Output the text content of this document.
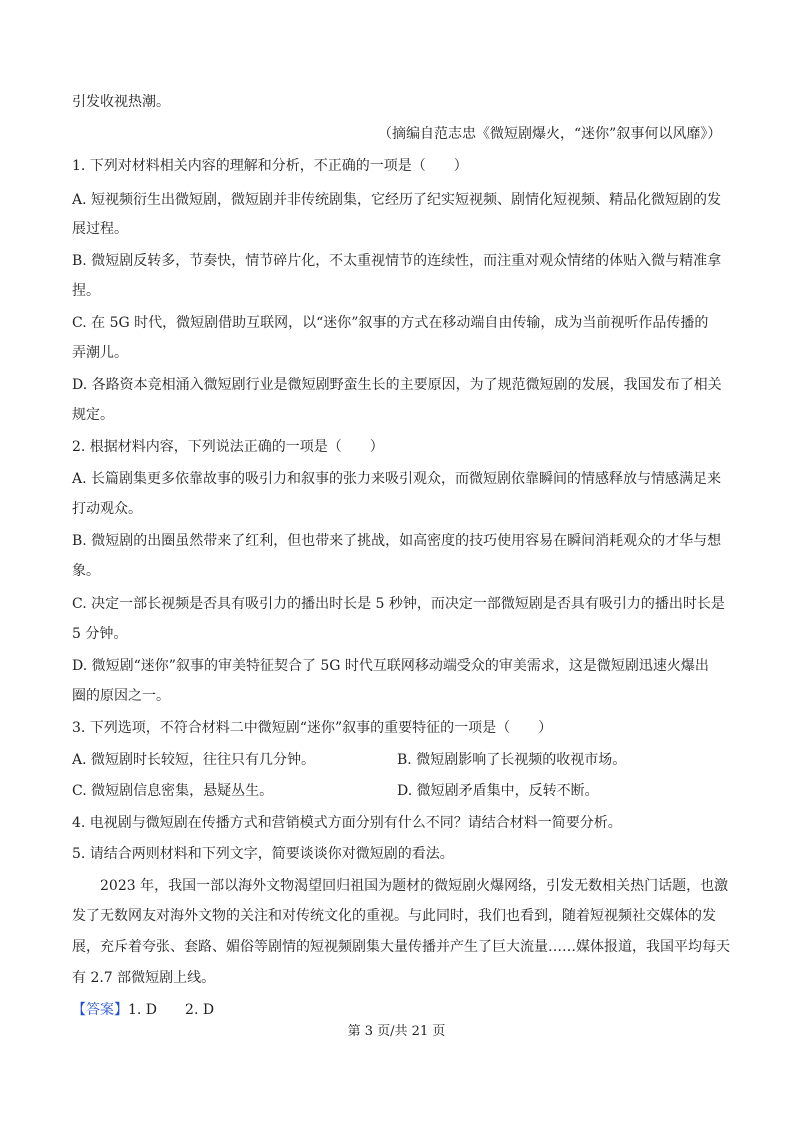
引发收视热潮。
（摘编自范志忠《微短剧爆火，“迷你”叙事何以风靡》）
1. 下列对材料相关内容的理解和分析，不正确的一项是（　　）
A. 短视频衍生出微短剧，微短剧并非传统剧集，它经历了纪实短视频、剧情化短视频、精品化微短剧的发
展过程。
B. 微短剧反转多，节奏快，情节碎片化，不太重视情节的连续性，而注重对观众情绪的体贴入微与精准拿
捏。
C. 在 5G 时代，微短剧借助互联网，以“迷你”叙事的方式在移动端自由传输，成为当前视听作品传播的
弄潮儿。
D. 各路资本竞相涌入微短剧行业是微短剧野蛮生长的主要原因，为了规范微短剧的发展，我国发布了相关
规定。
2. 根据材料内容，下列说法正确的一项是（　　）
A. 长篇剧集更多依靠故事的吸引力和叙事的张力来吸引观众，而微短剧依靠瞬间的情感释放与情感满足来
打动观众。
B. 微短剧的出圈虽然带来了红利，但也带来了挑战，如高密度的技巧使用容易在瞬间消耗观众的才华与想
象。
C. 决定一部长视频是否具有吸引力的播出时长是 5 秒钟，而决定一部微短剧是否具有吸引力的播出时长是
5 分钟。
D. 微短剧“迷你”叙事的审美特征契合了 5G 时代互联网移动端受众的审美需求，这是微短剧迅速火爆出
圈的原因之一。
3. 下列选项，不符合材料二中微短剧“迷你”叙事的重要特征的一项是（　　）
A. 微短剧时长较短，往往只有几分钟。	B. 微短剧影响了长视频的收视市场。
C. 微短剧信息密集，悬疑丛生。	D. 微短剧矛盾集中，反转不断。
4. 电视剧与微短剧在传播方式和营销模式方面分别有什么不同？请结合材料一简要分析。
5. 请结合两则材料和下列文字，简要谈谈你对微短剧的看法。
2023 年，我国一部以海外文物渴望回归祖国为题材的微短剧火爆网络，引发无数相关热门话题，也激
发了无数网友对海外文物的关注和对传统文化的重视。与此同时，我们也看到，随着短视频社交媒体的发
展，充斥着夸张、套路、媚俗等剧情的短视频剧集大量传播并产生了巨大流量……媒体报道，我国平均每天
有 2.7 部微短剧上线。
【答案】1. D　　2. D
第 3 页/共 21 页
